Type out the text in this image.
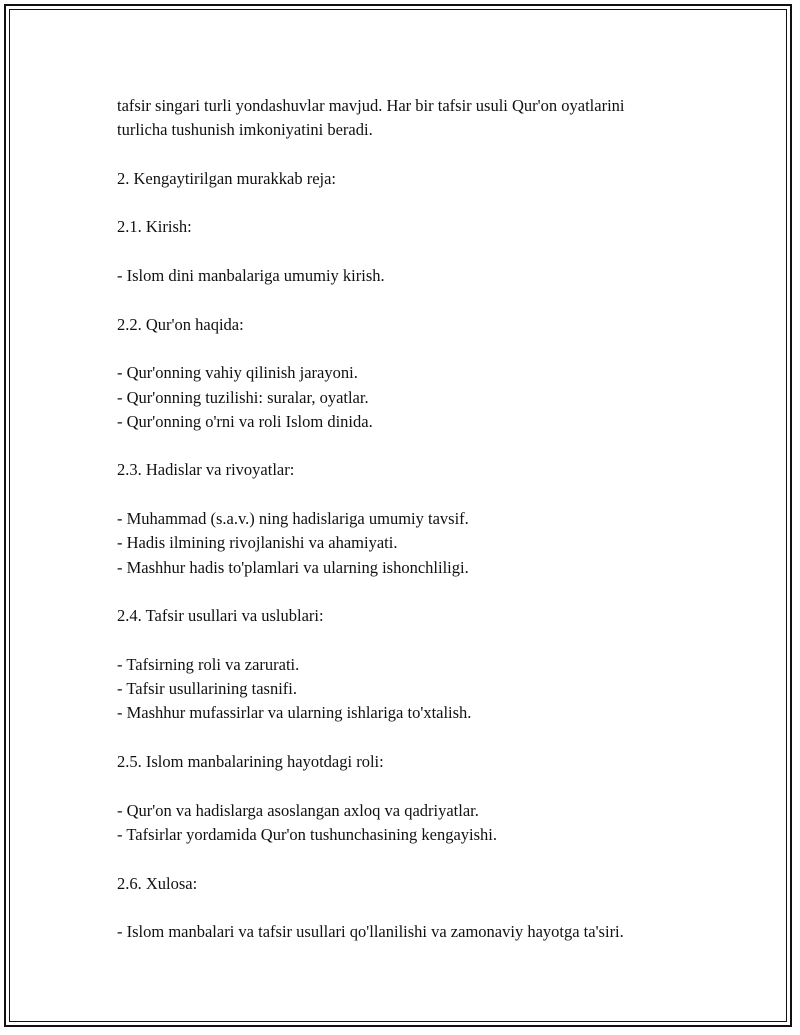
tafsir singari turli yondashuvlar mavjud. Har bir tafsir usuli Qur'on oyatlarini
turlicha tushunish imkoniyatini beradi.
2. Kengaytirilgan murakkab reja:
2.1. Kirish:
- Islom dini manbalariga umumiy kirish.
2.2. Qur'on haqida:
- Qur'onning vahiy qilinish jarayoni.
- Qur'onning tuzilishi: suralar, oyatlar.
- Qur'onning o'rni va roli Islom dinida.
2.3. Hadislar va rivoyatlar:
- Muhammad (s.a.v.) ning hadislariga umumiy tavsif.
- Hadis ilmining rivojlanishi va ahamiyati.
- Mashhur hadis to'plamlari va ularning ishonchliligi.
2.4. Tafsir usullari va uslublari:
- Tafsirning roli va zarurati.
- Tafsir usullarining tasnifi.
- Mashhur mufassirlar va ularning ishlariga to'xtalish.
2.5. Islom manbalarining hayotdagi roli:
- Qur'on va hadislarga asoslangan axloq va qadriyatlar.
- Tafsirlar yordamida Qur'on tushunchasining kengayishi.
2.6. Xulosa:
- Islom manbalari va tafsir usullari qo'llanilishi va zamonaviy hayotga ta'siri.
